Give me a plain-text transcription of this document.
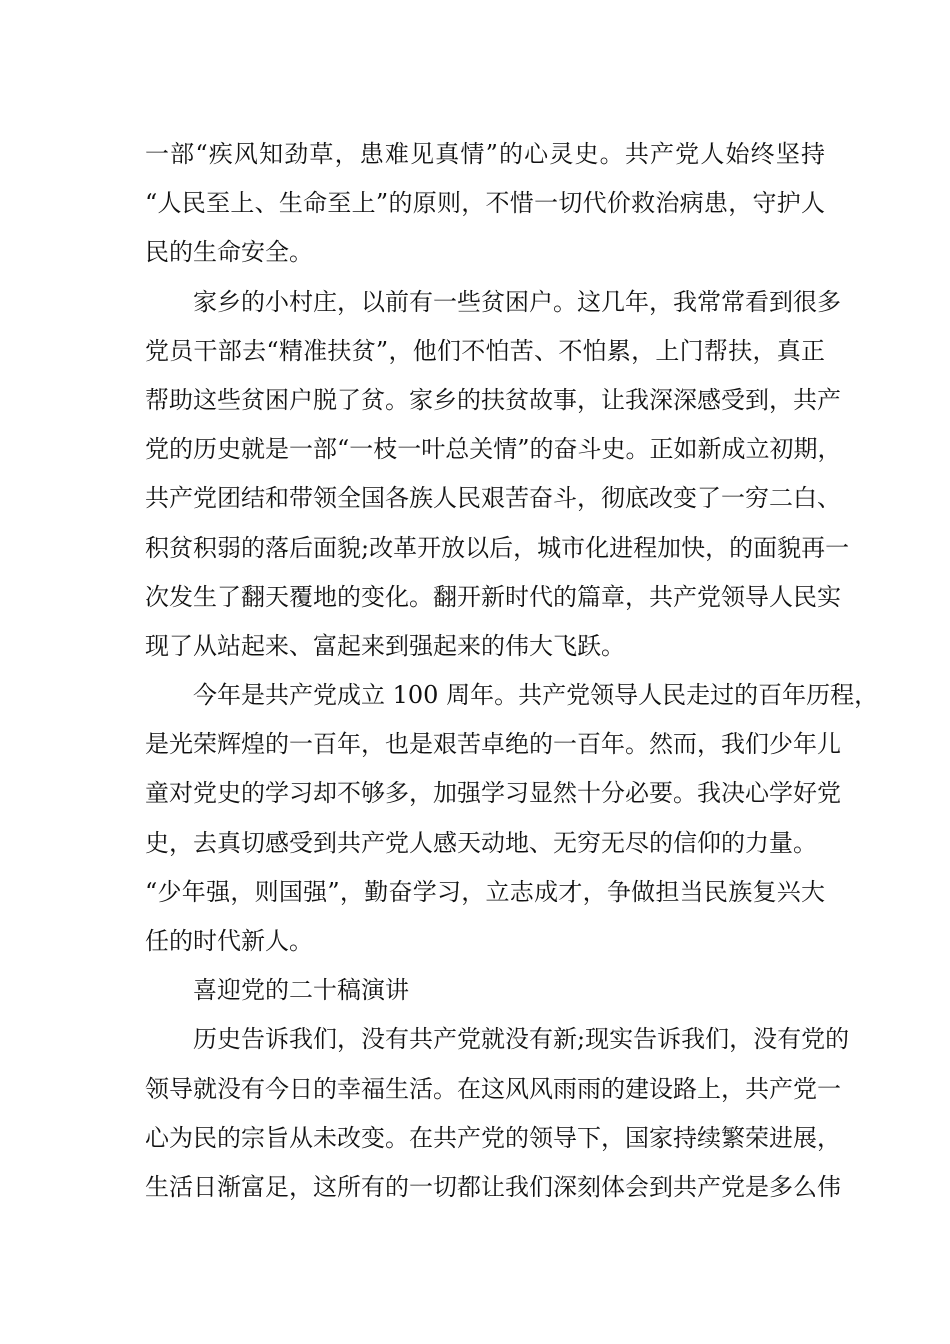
一部“疾风知劲草，患难见真情”的心灵史。共产党人始终坚持
“人民至上、生命至上”的原则，不惜一切代价救治病患，守护人
民的生命安全。
家乡的小村庄，以前有一些贫困户。这几年，我常常看到很多
党员干部去“精准扶贫”，他们不怕苦、不怕累，上门帮扶，真正
帮助这些贫困户脱了贫。家乡的扶贫故事，让我深深感受到，共产
党的历史就是一部“一枝一叶总关情”的奋斗史。正如新成立初期，
共产党团结和带领全国各族人民艰苦奋斗，彻底改变了一穷二白、
积贫积弱的落后面貌;改革开放以后，城市化进程加快，的面貌再一
次发生了翻天覆地的变化。翻开新时代的篇章，共产党领导人民实
现了从站起来、富起来到强起来的伟大飞跃。
今年是共产党成立 100 周年。共产党领导人民走过的百年历程，
是光荣辉煌的一百年，也是艰苦卓绝的一百年。然而，我们少年儿
童对党史的学习却不够多，加强学习显然十分必要。我决心学好党
史，去真切感受到共产党人感天动地、无穷无尽的信仰的力量。
“少年强，则国强”，勤奋学习，立志成才，争做担当民族复兴大
任的时代新人。
喜迎党的二十稿演讲
历史告诉我们，没有共产党就没有新;现实告诉我们，没有党的
领导就没有今日的幸福生活。在这风风雨雨的建设路上，共产党一
心为民的宗旨从未改变。在共产党的领导下，国家持续繁荣进展，
生活日渐富足，这所有的一切都让我们深刻体会到共产党是多么伟
